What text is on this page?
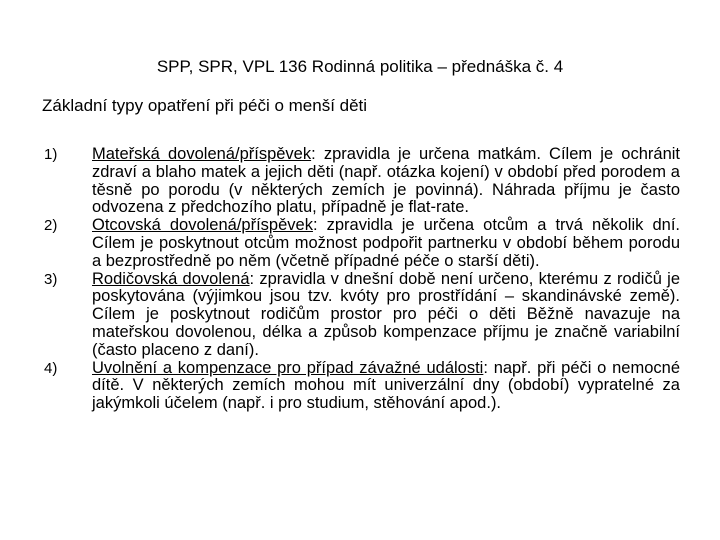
SPP, SPR, VPL 136 Rodinná politika – přednáška č. 4
Základní typy opatření při péči o menší děti
1) Mateřská dovolená/příspěvek: zpravidla je určena matkám. Cílem je ochránit zdraví a blaho matek a jejich děti (např. otázka kojení) v období před porodem a těsně po porodu (v některých zemích je povinná). Náhrada příjmu je často odvozena z předchozího platu, případně je flat-rate.
2) Otcovská dovolená/příspěvek: zpravidla je určena otcům a trvá několik dní. Cílem je poskytnout otcům možnost podpořit partnerku v období během porodu a bezprostředně po něm (včetně případné péče o starší děti).
3) Rodičovská dovolená: zpravidla v dnešní době není určeno, kterému z rodičů je poskytována (výjimkou jsou tzv. kvóty pro prostřídání – skandinávské země). Cílem je poskytnout rodičům prostor pro péči o děti Běžně navazuje na mateřskou dovolenou, délka a způsob kompenzace příjmu je značně variabilní (často placeno z daní).
4) Uvolnění a kompenzace pro případ závažné události: např. při péči o nemocné dítě. V některých zemích mohou mít univerzální dny (období) vypratelné za jakýmkoli účelem (např. i pro studium, stěhování apod.).
